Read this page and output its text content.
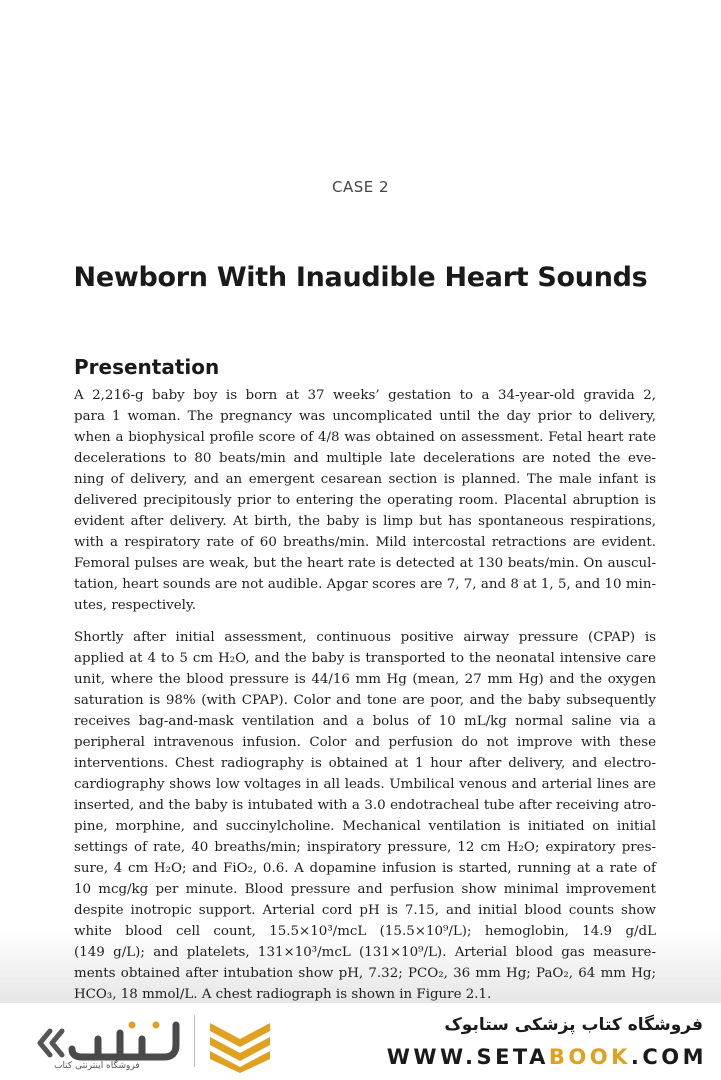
CASE 2
Newborn With Inaudible Heart Sounds
Presentation
A 2,216-g baby boy is born at 37 weeks’ gestation to a 34-year-old gravida 2,
para 1 woman. The pregnancy was uncomplicated until the day prior to delivery,
when a biophysical profile score of 4/8 was obtained on assessment. Fetal heart rate
decelerations to 80 beats/min and multiple late decelerations are noted the eve-
ning of delivery, and an emergent cesarean section is planned. The male infant is
delivered precipitously prior to entering the operating room. Placental abruption is
evident after delivery. At birth, the baby is limp but has spontaneous respirations,
with a respiratory rate of 60 breaths/min. Mild intercostal retractions are evident.
Femoral pulses are weak, but the heart rate is detected at 130 beats/min. On auscul-
tation, heart sounds are not audible. Apgar scores are 7, 7, and 8 at 1, 5, and 10 min-
utes, respectively.
Shortly after initial assessment, continuous positive airway pressure (CPAP) is
applied at 4 to 5 cm H₂O, and the baby is transported to the neonatal intensive care
unit, where the blood pressure is 44/16 mm Hg (mean, 27 mm Hg) and the oxygen
saturation is 98% (with CPAP). Color and tone are poor, and the baby subsequently
receives bag-and-mask ventilation and a bolus of 10 mL/kg normal saline via a
peripheral intravenous infusion. Color and perfusion do not improve with these
interventions. Chest radiography is obtained at 1 hour after delivery, and electro-
cardiography shows low voltages in all leads. Umbilical venous and arterial lines are
inserted, and the baby is intubated with a 3.0 endotracheal tube after receiving atro-
pine, morphine, and succinylcholine. Mechanical ventilation is initiated on initial
settings of rate, 40 breaths/min; inspiratory pressure, 12 cm H₂O; expiratory pres-
sure, 4 cm H₂O; and FiO₂, 0.6. A dopamine infusion is started, running at a rate of
10 mcg/kg per minute. Blood pressure and perfusion show minimal improvement
despite inotropic support. Arterial cord pH is 7.15, and initial blood counts show
white blood cell count, 15.5×10³/mcL (15.5×10⁹/L); hemoglobin, 14.9 g/dL
(149 g/L); and platelets, 131×10³/mcL (131×10⁹/L). Arterial blood gas measure-
ments obtained after intubation show pH, 7.32; PCO₂, 36 mm Hg; PaO₂, 64 mm Hg;
HCO₃, 18 mmol/L. A chest radiograph is shown in Figure 2.1.
فروشگاه اینترنتی کتاب
فروشگاه کتاب پزشکی ستابوک
WWW.SETABOOK.COM
